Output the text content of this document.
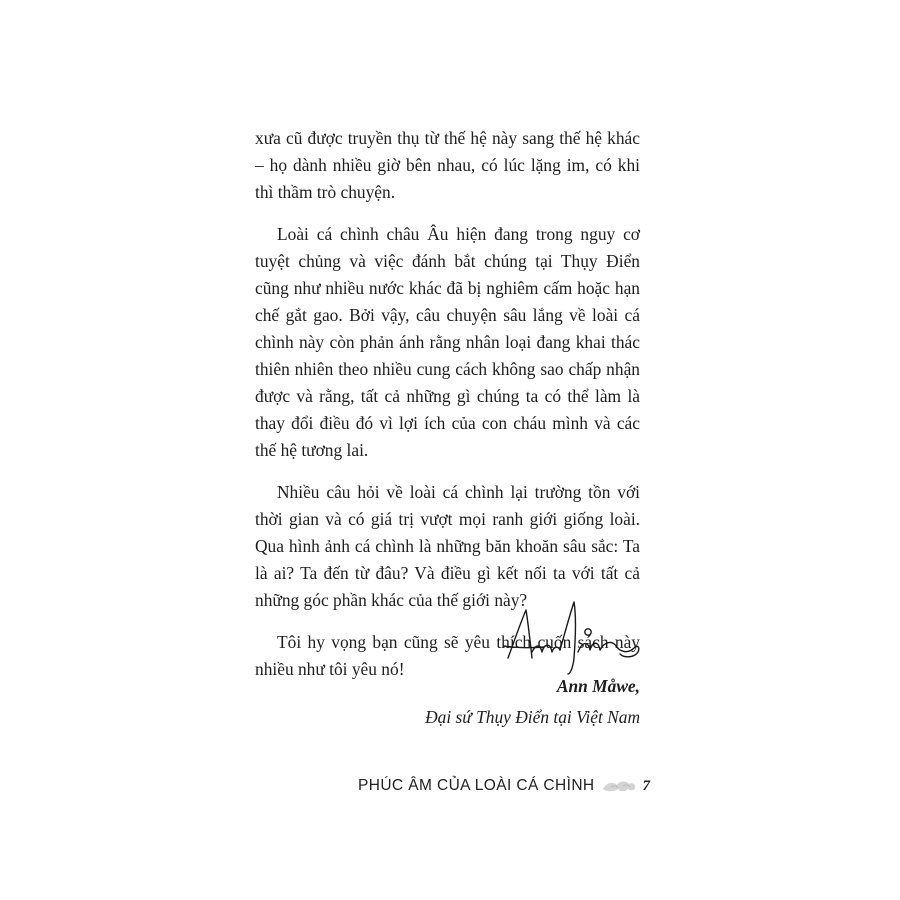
xưa cũ được truyền thụ từ thế hệ này sang thế hệ khác – họ dành nhiều giờ bên nhau, có lúc lặng im, có khi thì thầm trò chuyện.

Loài cá chình châu Âu hiện đang trong nguy cơ tuyệt chủng và việc đánh bắt chúng tại Thụy Điển cũng như nhiều nước khác đã bị nghiêm cấm hoặc hạn chế gắt gao. Bởi vậy, câu chuyện sâu lắng về loài cá chình này còn phản ánh rằng nhân loại đang khai thác thiên nhiên theo nhiều cung cách không sao chấp nhận được và rằng, tất cả những gì chúng ta có thể làm là thay đổi điều đó vì lợi ích của con cháu mình và các thế hệ tương lai.

Nhiều câu hỏi về loài cá chình lại trường tồn với thời gian và có giá trị vượt mọi ranh giới giống loài. Qua hình ảnh cá chình là những băn khoăn sâu sắc: Ta là ai? Ta đến từ đâu? Và điều gì kết nối ta với tất cả những góc phần khác của thế giới này?

Tôi hy vọng bạn cũng sẽ yêu thích cuốn sách này nhiều như tôi yêu nó!

Ann Måwe,
Đại sứ Thụy Điển tại Việt Nam
PHÚC ÂM CỦA LOÀI CÁ CHÌNH	7
